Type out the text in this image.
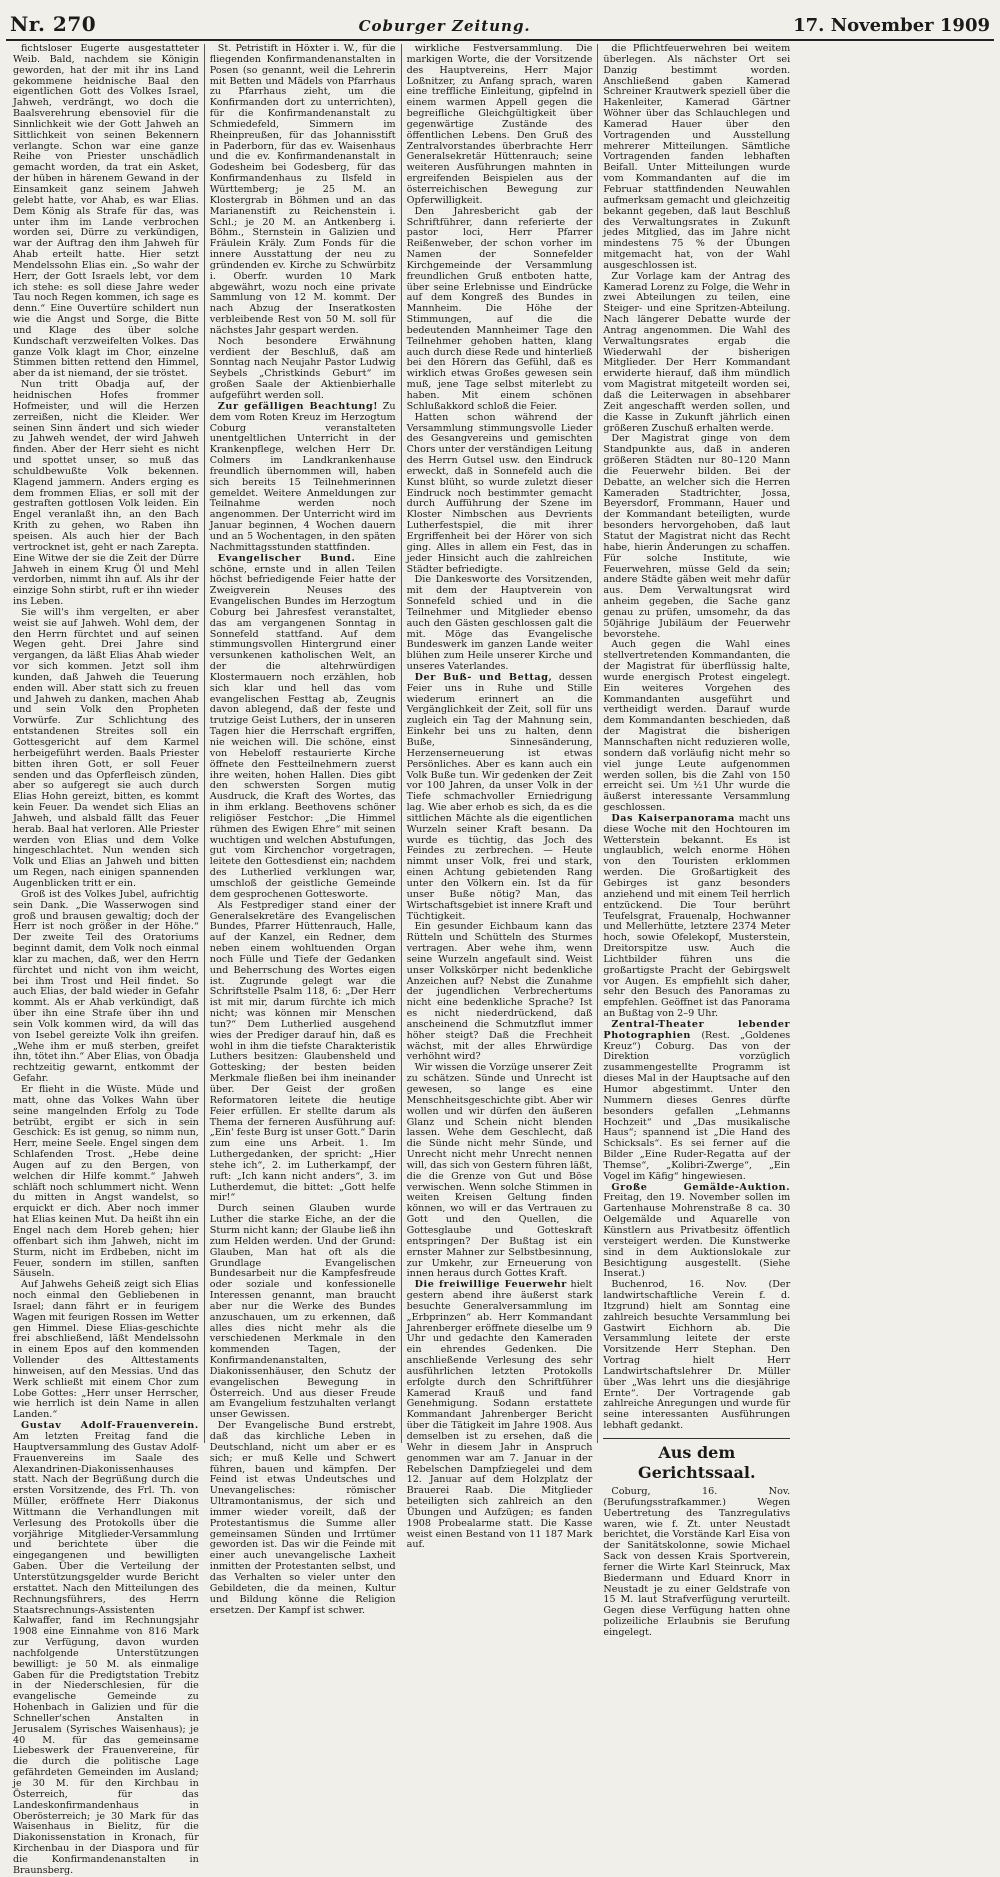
Nr. 270	Coburger Zeitung.	17. November 1909

fichtsloser Eugerte ausgestatteter Weib. Bald, nachdem sie Königin geworden, hat der mit ihr ins Land gekommene heidnische Baal den eigentlichen Gott des Volkes Israel, Jahweh, verdrängt, wo doch die Baalsverehrung ebensoviel für die Sinnlichkeit wie der Gott Jahweh an Sittlichkeit von seinen Bekennern verlangte. Schon war eine ganze Reihe von Priester unschädlich gemacht worden, da trat ein Asket, der hüben in härenem Gewand in der Einsamkeit ganz seinem Jahweh gelebt hatte, vor Ahab, es war Elias. Dem König als Strafe für das, was unter ihm im Lande verbrochen worden sei, Dürre zu verkündigen, war der Auftrag den ihm Jahweh für Ahab erteilt hatte. Hier setzt Mendelssohn Elias ein. „So wahr der Herr, der Gott Israels lebt, vor dem ich stehe: es soll diese Jahre weder Tau noch Regen kommen, ich sage es denn.“ Eine Ouvertüre schildert nun wie die Angst und Sorge, die Bitte und Klage des über solche Kundschaft verzweifelten Volkes. Das ganze Volk klagt im Chor, einzelne Stimmen bitten rettend den Himmel, aber da ist niemand, der sie tröstet.

Nun tritt Obadja auf, der heidnischen Hofes frommer Hofmeister, und will die Herzen zerreißen, nicht die Kleider. Wer seinen Sinn ändert und sich wieder zu Jahweh wendet, der wird Jahweh finden. Aber der Herr sieht es nicht und spottet unser, so muß das schuldbewußte Volk bekennen. Klagend jammern. Anders erging es dem frommen Elias, er soll mit der gestraften gottlosen Volk leiden. Ein Engel veranlaßt ihn, an den Bach Krith zu gehen, wo Raben ihn speisen. Als auch hier der Bach vertrocknet ist, geht er nach Zarepta. Eine Witwe der sie die Zeit der Dürre Jahweh in einem Krug Öl und Mehl verdorben, nimmt ihn auf. Als ihr der einzige Sohn stirbt, ruft er ihn wieder ins Leben.

Sie will's ihm vergelten, er aber weist sie auf Jahweh. Wohl dem, der den Herrn fürchtet und auf seinen Wegen geht. Drei Jahre sind vergangen, da läßt Elias Ahab wieder vor sich kommen. Jetzt soll ihm kunden, daß Jahweh die Teuerung enden will. Aber statt sich zu freuen und Jahweh zu danken, machen Ahab und sein Volk den Propheten Vorwürfe. Zur Schlichtung des entstandenen Streites soll ein Gottesgericht auf dem Karmel herbeigeführt werden. Baals Priester bitten ihren Gott, er soll Feuer senden und das Opferfleisch zünden, aber so aufgeregt sie auch durch Elias Hohn gereizt, bitten, es kommt kein Feuer. Da wendet sich Elias an Jahweh, und alsbald fällt das Feuer herab. Baal hat verloren. Alle Priester werden von Elias und dem Volke hingeschlachtet. Nun wenden sich Volk und Elias an Jahweh und bitten um Regen, nach einigen spannenden Augenblicken tritt er ein.

Groß ist des Volkes Jubel, aufrichtig sein Dank. „Die Wasserwogen sind groß und brausen gewaltig; doch der Herr ist noch größer in der Höhe.“ Der zweite Teil des Oratoriums beginnt damit, dem Volk noch einmal klar zu machen, daß, wer den Herrn fürchtet und nicht von ihm weicht, bei ihm Trost und Heil findet. So auch Elias, der bald wieder in Gefahr kommt. Als er Ahab verkündigt, daß über ihn eine Strafe über ihn und sein Volk kommen wird, da will das von Isebel gereizte Volk ihn greifen. „Wehe ihm er muß sterben, greifet ihn, tötet ihn.“ Aber Elias, von Obadja rechtzeitig gewarnt, entkommt der Gefahr.

Er flieht in die Wüste. Müde und matt, ohne das Volkes Wahn über seine mangelnden Erfolg zu Tode betrübt, ergibt er sich in sein Geschick: Es ist genug, so nimm nun, Herr, meine Seele. Engel singen dem Schlafenden Trost. „Hebe deine Augen auf zu den Bergen, von welchen dir Hilfe kommt.“ Jahweh schläft noch schlummert nicht. Wenn du mitten in Angst wandelst, so erquickt er dich. Aber noch immer hat Elias keinen Mut. Da heißt ihn ein Engel nach dem Horeb gehen; hier offenbart sich ihm Jahweh, nicht im Sturm, nicht im Erdbeben, nicht im Feuer, sondern im stillen, sanften Säuseln.

Auf Jahwehs Geheiß zeigt sich Elias noch einmal den Gebliebenen in Israel; dann fährt er in feurigem Wagen mit feurigen Rossen im Wetter gen Himmel. Diese Elias-geschichte frei abschließend, läßt Mendelssohn in einem Epos auf den kommenden Vollender des Alttestaments hinweisen, auf den Messias. Und das Werk schließt mit einem Chor zum Lobe Gottes: „Herr unser Herrscher, wie herrlich ist dein Name in allen Landen.“

Gustav Adolf-Frauenverein. Am letzten Freitag fand die Hauptversammlung des Gustav Adolf-Frauenvereins im Saale des Alexandrinen-Diakonissenhauses statt. Nach der Begrüßung durch die ersten Vorsitzende, des Frl. Th. von Müller, eröffnete Herr Diakonus Wittmann die Verhandlungen mit Verlesung des Protokolls über die vorjährige Mitglieder-Versammlung und berichtete über die eingegangenen und bewilligten Gaben. Über die Verteilung der Unterstützungsgelder wurde Bericht erstattet. Nach den Mitteilungen des Rechnungsführers, des Herrn Staatsrechnungs-Assistenten Kalwaffer, fand im Rechnungsjahr 1908 eine Einnahme von 816 Mark zur Verfügung, davon wurden nachfolgende Unterstützungen bewilligt: je 50 M. als einmalige Gaben für die Predigtstation Trebitz in der Niederschlesien, für die evangelische Gemeinde zu Hohenbach in Galizien und für die Schneller'schen Anstalten in Jerusalem (Syrisches Waisenhaus); je 40 M. für das gemeinsame Liebeswerk der Frauenvereine, für die durch die politische Lage gefährdeten Gemeinden im Ausland; je 30 M. für den Kirchbau in Österreich, für das Landeskonfirmandenhaus in Oberösterreich; je 30 Mark für das Waisenhaus in Bielitz, für die Diakonissenstation in Kronach, für Kirchenbau in der Diaspora und für die Konfirmandenanstalten in Braunsberg.

St. Petristift in Höxter i. W., für die fliegenden Konfirmandenanstalten in Posen (so genannt, weil die Lehrerin mit Betten und Mädels von Pfarrhaus zu Pfarrhaus zieht, um die Konfirmanden dort zu unterrichten), für die Konfirmandenanstalt zu Schmiedefeld, Simmern im Rheinpreußen, für das Johannisstift in Paderborn, für das ev. Waisenhaus und die ev. Konfirmandenanstalt in Godesheim bei Godesberg, für das Konfirmandenhaus zu Ilsfeld in Württemberg; je 25 M. an Klostergrab in Böhmen und an das Marianenstift zu Reichenstein i. Schl.; je 20 M. an Antkenberg i. Böhm., Sternstein in Galizien und Fräulein Kräly. Zum Fonds für die innere Ausstattung der neu zu gründenden ev. Kirche zu Schwürbitz i. Oberfr. wurden 10 Mark abgewährt, wozu noch eine private Sammlung von 12 M. kommt. Der nach Abzug der Inseratkosten verbleibende Rest von 50 M. soll für nächstes Jahr gespart werden.

Noch besondere Erwähnung verdient der Beschluß, daß am Sonntag nach Neujahr Pastor Ludwig Seybels „Christkinds Geburt“ im großen Saale der Aktienbierhalle aufgeführt werden soll.

Zur gefälligen Beachtung! Zu dem vom Roten Kreuz im Herzogtum Coburg veranstalteten unentgeltlichen Unterricht in der Krankenpflege, welchen Herr Dr. Colmers im Landkrankenhause freundlich übernommen will, haben sich bereits 15 Teilnehmerinnen gemeldet. Weitere Anmeldungen zur Teilnahme werden noch angenommen. Der Unterricht wird im Januar beginnen, 4 Wochen dauern und an 5 Wochentagen, in den späten Nachmittagsstunden stattfinden.

Evangelischer Bund. Eine schöne, ernste und in allen Teilen höchst befriedigende Feier hatte der Zweigverein Neuses des Evangelischen Bundes im Herzogtum Coburg bei Jahresfest veranstaltet, das am vergangenen Sonntag in Sonnefeld stattfand. Auf dem stimmungsvollen Hintergrund einer versunkenen katholischen Welt, an der die altehrwürdigen Klostermauern noch erzählen, hob sich klar und hell das vom evangelischen Festtag ab, Zeugnis davon ablegend, daß der feste und trutzige Geist Luthers, der in unseren Tagen hier die Herrschaft ergriffen, nie weichen will. Die schöne, einst von Hebeloff restaurierte Kirche öffnete den Festteilnehmern zuerst ihre weiten, hohen Hallen. Dies gibt den schwersten Sorgen mutig Ausdruck, die Kraft des Wortes, das in ihm erklang. Beethovens schöner religiöser Festchor: „Die Himmel rühmen des Ewigen Ehre“ mit seinen wuchtigen und welchen Abstufungen, gut vom Kirchenchor vorgetragen, leitete den Gottesdienst ein; nachdem des Lutherlied verklungen war, umschloß der geistliche Gemeinde dem gesprochenen Gottesworte.

Als Festprediger stand einer der Generalsekretäre des Evangelischen Bundes, Pfarrer Hüttenrauch, Halle, auf der Kanzel, ein Redner, dem neben einem wohltuenden Organ noch Fülle und Tiefe der Gedanken und Beherrschung des Wortes eigen ist. Zugrunde gelegt war die Schriftstelle Psalm 118, 6: „Der Herr ist mit mir, darum fürchte ich mich nicht; was können mir Menschen tun?“ Dem Lutherlied ausgehend wies der Prediger darauf hin, daß es wohl in ihm die tiefste Charakteristik Luthers besitzen: Glaubensheld und Gottesking; der besten beiden Merkmale fließen bei ihm ineinander über. Der Geist der großen Reformatoren leitete die heutige Feier erfüllen. Er stellte darum als Thema der ferneren Ausführung auf: „Ein' feste Burg ist unser Gott.“ Darin zum eine uns Arbeit. 1. Im Luthergedanken, der spricht: „Hier stehe ich“, 2. im Lutherkampf, der ruft: „Ich kann nicht anders“, 3. im Lutherdemut, die bittet: „Gott helfe mir!“

Durch seinen Glauben wurde Luther die starke Eiche, an der die Sturm nicht kann; der Glaube ließ ihn zum Helden werden. Und der Grund: Glauben, Man hat oft als die Grundlage Evangelischen Bundesarbeit nur die Kampfesfreude oder soziale und konfessionelle Interessen genannt, man braucht aber nur die Werke des Bundes anzuschauen, um zu erkennen, daß alles dies nicht mehr als die verschiedenen Merkmale in den kommenden Tagen, der Konfirmandenanstalten, Diakonissenhäuser, den Schutz der evangelischen Bewegung in Österreich. Und aus dieser Freude am Evangelium festzuhalten verlangt unser Gewissen.

Der Evangelische Bund erstrebt, daß das kirchliche Leben in Deutschland, nicht um aber er es sich; er muß Kelle und Schwert führen, bauen und kämpfen. Der Feind ist etwas Undeutsches und Unevangelisches: römischer Ultramontanismus, der sich und immer wieder voreilt, daß der Protestantismus die Summe aller gemeinsamen Sünden und Irrtümer geworden ist. Das wir die Feinde mit einer auch unevangelische Laxheit inmitten der Protestanten selbst, und das Verhalten so vieler unter den Gebildeten, die da meinen, Kultur und Bildung könne die Religion ersetzen. Der Kampf ist schwer.

wirkliche Festversammlung. Die markigen Worte, die der Vorsitzende des Hauptvereins, Herr Major Loßnitzer, zu Anfang sprach, waren eine treffliche Einleitung, gipfelnd in einem warmen Appell gegen die begreifliche Gleichgültigkeit über gegenwärtige Zustände des öffentlichen Lebens. Den Gruß des Zentralvorstandes überbrachte Herr Generalsekretär Hüttenrauch; seine weiteren Ausführungen mahnten in ergreifenden Beispielen aus der österreichischen Bewegung zur Opferwilligkeit.

Den Jahresbericht gab der Schriftführer, dann referierte der pastor loci, Herr Pfarrer Reißenweber, der schon vorher im Namen der Sonnefelder Kirchgemeinde der Versammlung freundlichen Gruß entboten hatte, über seine Erlebnisse und Eindrücke auf dem Kongreß des Bundes in Mannheim. Die Höhe der Stimmungen, auf die die bedeutenden Mannheimer Tage den Teilnehmer gehoben hatten, klang auch durch diese Rede und hinterließ bei den Hörern das Gefühl, daß es wirklich etwas Großes gewesen sein muß, jene Tage selbst miterlebt zu haben. Mit einem schönen Schlußakkord schloß die Feier.

Hatten schon während der Versammlung stimmungsvolle Lieder des Gesangvereins und gemischten Chors unter der verständigen Leitung des Herrn Gutsel usw. den Eindruck erweckt, daß in Sonnefeld auch die Kunst blüht, so wurde zuletzt dieser Eindruck noch bestimmter gemacht durch Aufführung der Szene im Kloster Nimbschen aus Devrients Lutherfestspiel, die mit ihrer Ergriffenheit bei der Hörer von sich ging. Alles in allem ein Fest, das in jeder Hinsicht auch die zahlreichen Städter befriedigte.

Die Dankesworte des Vorsitzenden, mit dem der Hauptverein von Sonnefeld schied und in die Teilnehmer und Mitglieder ebenso auch den Gästen geschlossen galt die mit. Möge das Evangelische Bundeswerk im ganzen Lande weiter blühen zum Heile unserer Kirche und unseres Vaterlandes.

Der Buß- und Bettag, dessen Feier uns in Ruhe und Stille wiederum erinnert an die Vergänglichkeit der Zeit, soll für uns zugleich ein Tag der Mahnung sein, Einkehr bei uns zu halten, denn Buße, Sinnesänderung, Herzenserneuerung ist etwas Persönliches. Aber es kann auch ein Volk Buße tun. Wir gedenken der Zeit vor 100 Jahren, da unser Volk in der Tiefe schmachvoller Erniedrigung lag. Wie aber erhob es sich, da es die sittlichen Mächte als die eigentlichen Wurzeln seiner Kraft besann. Da wurde es tüchtig, das Joch des Feindes zu zerbrechen. — Heute nimmt unser Volk, frei und stark, einen Achtung gebietenden Rang unter den Völkern ein. Ist da für unser Buße nötig? Man, das Wirtschaftsgebiet ist innere Kraft und Tüchtigkeit.

Ein gesunder Eichbaum kann das Rütteln und Schütteln des Sturmes vertragen. Aber wehe ihm, wenn seine Wurzeln angefault sind. Weist unser Volkskörper nicht bedenkliche Anzeichen auf? Nebst die Zunahme der jugendlichen Verbrechertums nicht eine bedenkliche Sprache? Ist es nicht niederdrückend, daß anscheinend die Schmutzflut immer höher steigt? Daß die Frechheit wächst, mit der alles Ehrwürdige verhöhnt wird?

Wir wissen die Vorzüge unserer Zeit zu schätzen. Sünde und Unrecht ist gewesen, so lange es eine Menschheitsgeschichte gibt. Aber wir wollen und wir dürfen den äußeren Glanz und Schein nicht blenden lassen. Wehe dem Geschlecht, daß die Sünde nicht mehr Sünde, und Unrecht nicht mehr Unrecht nennen will, das sich von Gestern führen läßt, die die Grenze von Gut und Böse verwischen. Wenn solche Stimmen in weiten Kreisen Geltung finden können, wo will er das Vertrauen zu Gott und den Quellen, die Gottesglaube und Gotteskraft entspringen? Der Bußtag ist ein ernster Mahner zur Selbstbesinnung, zur Umkehr, zur Erneuerung von innen heraus durch Gottes Kraft.

Die freiwillige Feuerwehr hielt gestern abend ihre äußerst stark besuchte Generalversammlung im „Erbprinzen“ ab. Herr Kommandant Jahrenberger eröffnete dieselbe um 9 Uhr und gedachte den Kameraden ein ehrendes Gedenken. Die anschließende Verlesung des sehr ausführlichen letzten Protokolls erfolgte durch den Schriftführer Kamerad Krauß und fand Genehmigung. Sodann erstattete Kommandant Jahrenberger Bericht über die Tätigkeit im Jahre 1908. Aus demselben ist zu ersehen, daß die Wehr in diesem Jahr in Anspruch genommen war am 7. Januar in der Rebelschen Dampfziegelei und dem 12. Januar auf dem Holzplatz der Brauerei Raab. Die Mitglieder beteiligten sich zahlreich an den Übungen und Aufzügen; es fanden 1908 Probealarme statt. Die Kasse weist einen Bestand von 11 187 Mark auf.

die Pflichtfeuerwehren bei weitem überlegen. Als nächster Ort sei Danzig bestimmt worden. Anschließend gaben Kamerad Schreiner Krautwerk speziell über die Hakenleiter, Kamerad Gärtner Wöhner über das Schlauchlegen und Kamerad Hauer über den Vortragenden und Ausstellung mehrerer Mitteilungen. Sämtliche Vortragenden fanden lebhaften Beifall. Unter Mitteilungen wurde vom Kommandanten auf die im Februar stattfindenden Neuwahlen aufmerksam gemacht und gleichzeitig bekannt gegeben, daß laut Beschluß des Verwaltungsrates in Zukunft jedes Mitglied, das im Jahre nicht mindestens 75 % der Übungen mitgemacht hat, von der Wahl ausgeschlossen ist.

Zur Vorlage kam der Antrag des Kamerad Lorenz zu Folge, die Wehr in zwei Abteilungen zu teilen, eine Steiger- und eine Spritzen-Abteilung. Nach längerer Debatte wurde der Antrag angenommen. Die Wahl des Verwaltungsrates ergab die Wiederwahl der bisherigen Mitglieder. Der Herr Kommandant erwiderte hierauf, daß ihm mündlich vom Magistrat mitgeteilt worden sei, daß die Leiterwagen in absehbarer Zeit angeschafft werden sollen, und die Kasse in Zukunft jährlich einen größeren Zuschuß erhalten werde.

Der Magistrat ginge von dem Standpunkte aus, daß in anderen größeren Städten nur 80–120 Mann die Feuerwehr bilden. Bei der Debatte, an welcher sich die Herren Kameraden Stadtrichter, Jossa, Beyersdorf, Frommann, Hauer und der Kommandant beteiligten, wurde besonders hervorgehoben, daß laut Statut der Magistrat nicht das Recht habe, hierin Änderungen zu schaffen. Für solche Institute, wie Feuerwehren, müsse Geld da sein; andere Städte gäben weit mehr dafür aus. Dem Verwaltungsrat wird anheim gegeben, die Sache ganz genau zu prüfen, umsomehr, da das 50jährige Jubiläum der Feuerwehr bevorstehe.

Auch gegen die Wahl eines stellvertretenden Kommandanten, die der Magistrat für überflüssig halte, wurde energisch Protest eingelegt. Ein weiteres Vorgehen des Kommandanten ausgeführt und vertheidigt werden. Darauf wurde dem Kommandanten beschieden, daß der Magistrat die bisherigen Mannschaften nicht reduzieren wolle, sondern daß vorläufig nicht mehr so viel junge Leute aufgenommen werden sollen, bis die Zahl von 150 erreicht sei. Um ½1 Uhr wurde die äußerst interessante Versammlung geschlossen.

Das Kaiserpanorama macht uns diese Woche mit den Hochtouren im Wetterstein bekannt. Es ist unglaublich, welch enorme Höhen von den Touristen erklommen werden. Die Großartigkeit des Gebirges ist ganz besonders anziehend und mit einem Teil herrlich entzückend. Die Tour berührt Teufelsgrat, Frauenalp, Hochwanner und Mellerhütte, letztere 2374 Meter hoch, sowie Ofelekopf, Musterstein, Dreitorspitze usw. Auch die Lichtbilder führen uns die großartigste Pracht der Gebirgswelt vor Augen. Es empfiehlt sich daher, sehr den Besuch des Panoramas zu empfehlen. Geöffnet ist das Panorama an Bußtag von 2–9 Uhr.

Zentral-Theater lebender Photographien (Rest. „Goldenes Kreuz“) Coburg. Das von der Direktion vorzüglich zusammengestellte Programm ist dieses Mal in der Hauptsache auf den Humor abgestimmt. Unter den Nummern dieses Genres dürfte besonders gefallen „Lehmanns Hochzeit“ und „Das musikalische Haus“; spannend ist „Die Hand des Schicksals“. Es sei ferner auf die Bilder „Eine Ruder-Regatta auf der Themse“, „Kolibri-Zwerge“, „Ein Vogel im Käfig“ hingewiesen.

Große Gemälde-Auktion. Freitag, den 19. November sollen im Gartenhause Mohrenstraße 8 ca. 30 Oelgemälde und Aquarelle von Künstlern aus Privatbesitz öffentlich versteigert werden. Die Kunstwerke sind in dem Auktionslokale zur Besichtigung ausgestellt. (Siehe Inserat.)

Buchenrod, 16. Nov. (Der landwirtschaftliche Verein f. d. Itzgrund) hielt am Sonntag eine zahlreich besuchte Versammlung bei Gastwirt Eichhorn ab. Die Versammlung leitete der erste Vorsitzende Herr Stephan. Den Vortrag hielt Herr Landwirtschaftslehrer Dr. Müller über „Was lehrt uns die diesjährige Ernte“. Der Vortragende gab zahlreiche Anregungen und wurde für seine interessanten Ausführungen lebhaft gedankt.

Aus dem Gerichtssaal.

Coburg, 16. Nov. (Berufungsstrafkammer.) Wegen Uebertretung des Tanzregulativs waren, wie f. Zt. unter Neustadt berichtet, die Vorstände Karl Eisa von der Sanitätskolonne, sowie Michael Sack von dessen Krais Sportverein, ferner die Wirte Karl Steinruck, Max Biedermann und Eduard Knorr in Neustadt je zu einer Geldstrafe von 15 M. laut Strafverfügung verurteilt. Gegen diese Verfügung hatten ohne polizeiliche Erlaubnis sie Berufung eingelegt.
